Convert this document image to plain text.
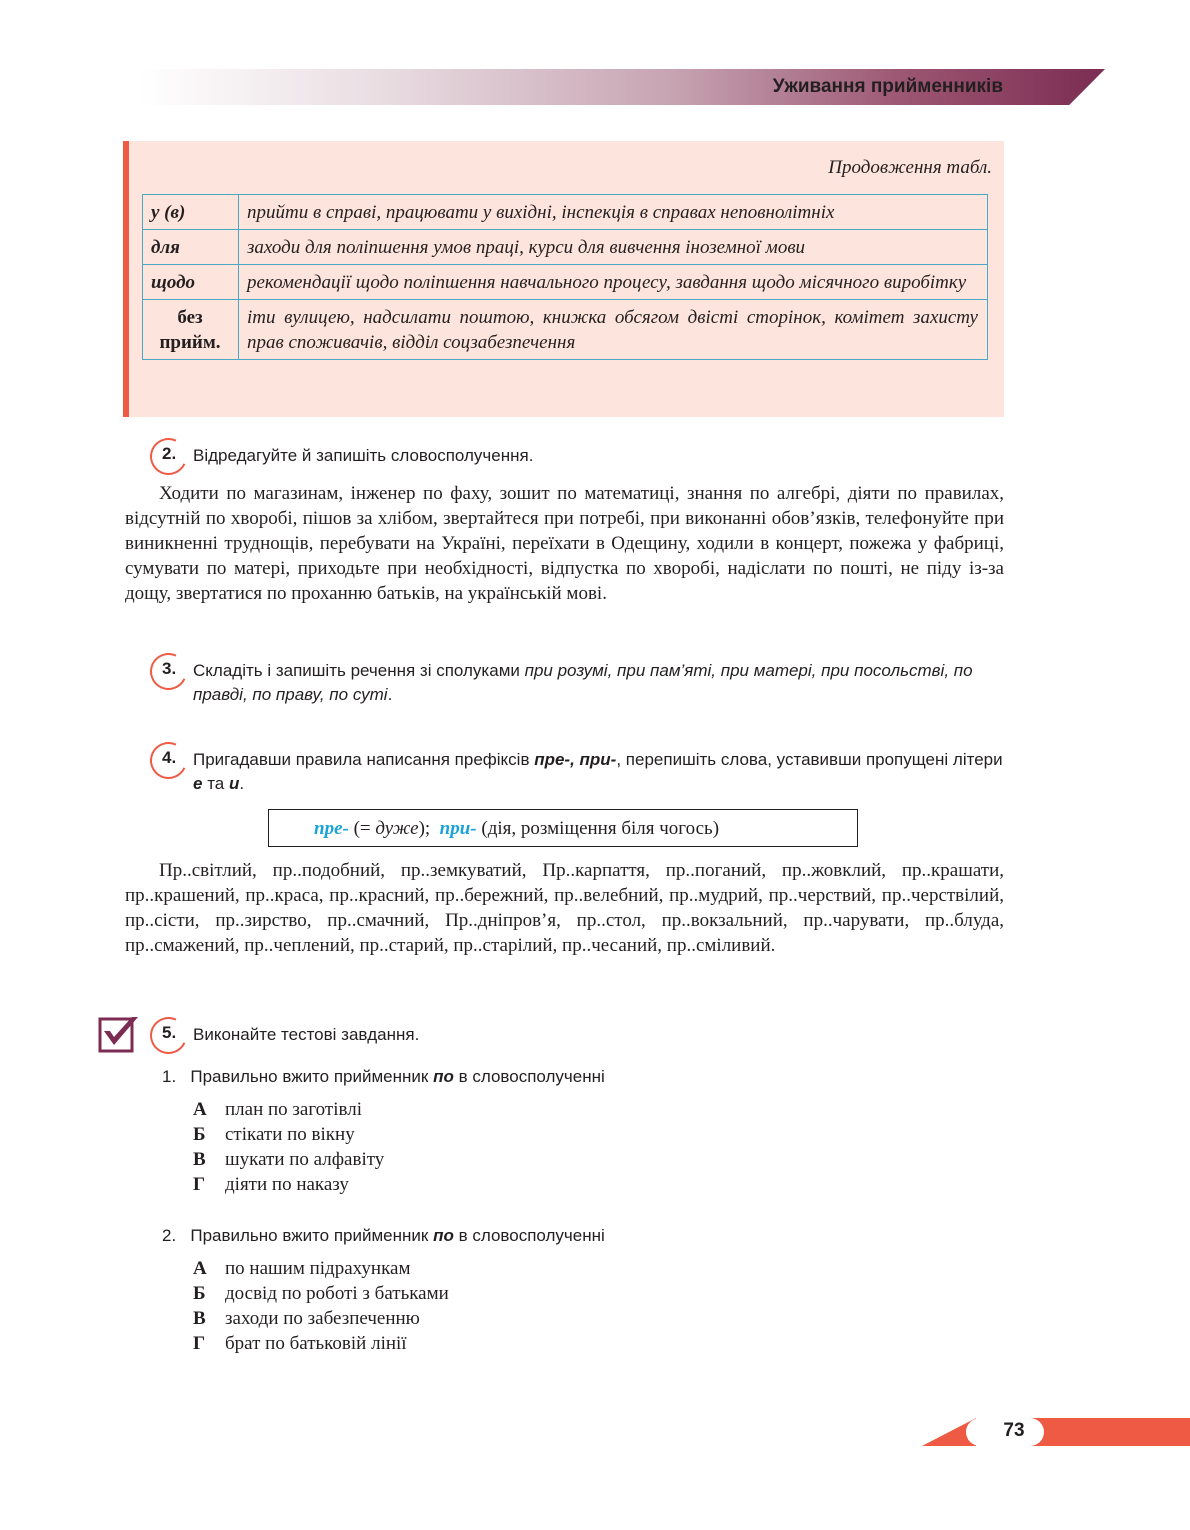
Уживання прийменників
Продовження табл.
у (в)	прийти в справі, працювати у вихідні, інспекція в справах неповнолітніх
для	заходи для поліпшення умов праці, курси для вивчення іноземної мови
щодо	рекомендації щодо поліпшення навчального процесу, завдання щодо місячного виробітку
без прийм.	іти вулицею, надсилати поштою, книжка обсягом двісті сторінок, комітет захисту прав споживачів, відділ соцзабезпечення
2. Відредагуйте й запишіть словосполучення.
Ходити по магазинам, інженер по фаху, зошит по математиці, знання по алгебрі, діяти по правилах, відсутній по хворобі, пішов за хлібом, звертайтеся при потребі, при виконанні обов’язків, телефонуйте при виникненні труднощів, перебувати на Україні, переїхати в Одещину, ходили в концерт, пожежа у фабриці, сумувати по матері, приходьте при необхідності, відпустка по хворобі, надіслати по пошті, не піду із-за дощу, звертатися по проханню батьків, на українській мові.
3. Складіть і запишіть речення зі сполуками при розумі, при пам’яті, при матері, при посольстві, по правді, по праву, по суті.
4. Пригадавши правила написання префіксів пре-, при-, перепишіть слова, уставивши пропущені літери е та и.
пре- (= дуже); при- (дія, розміщення біля чогось)
Пр..світлий, пр..подобний, пр..земкуватий, Пр..карпаття, пр..поганий, пр..жовклий, пр..крашати, пр..крашений, пр..краса, пр..красний, пр..бережний, пр..велебний, пр..мудрий, пр..черствий, пр..черствілий, пр..сісти, пр..зирство, пр..смачний, Пр..дніпров’я, пр..стол, пр..вокзальний, пр..чарувати, пр..блуда, пр..смажений, пр..чеплений, пр..старий, пр..старілий, пр..чесаний, пр..сміливий.
5. Виконайте тестові завдання.
1. Правильно вжито прийменник по в словосполученні
А план по заготівлі
Б	стікати по вікну
В	шукати по алфавіту
Г	діяти по наказу
2. Правильно вжито прийменник по в словосполученні
А по нашим підрахункам
Б	досвід по роботі з батьками
В	заходи по забезпеченню
Г	брат по батьковій лінії
73
